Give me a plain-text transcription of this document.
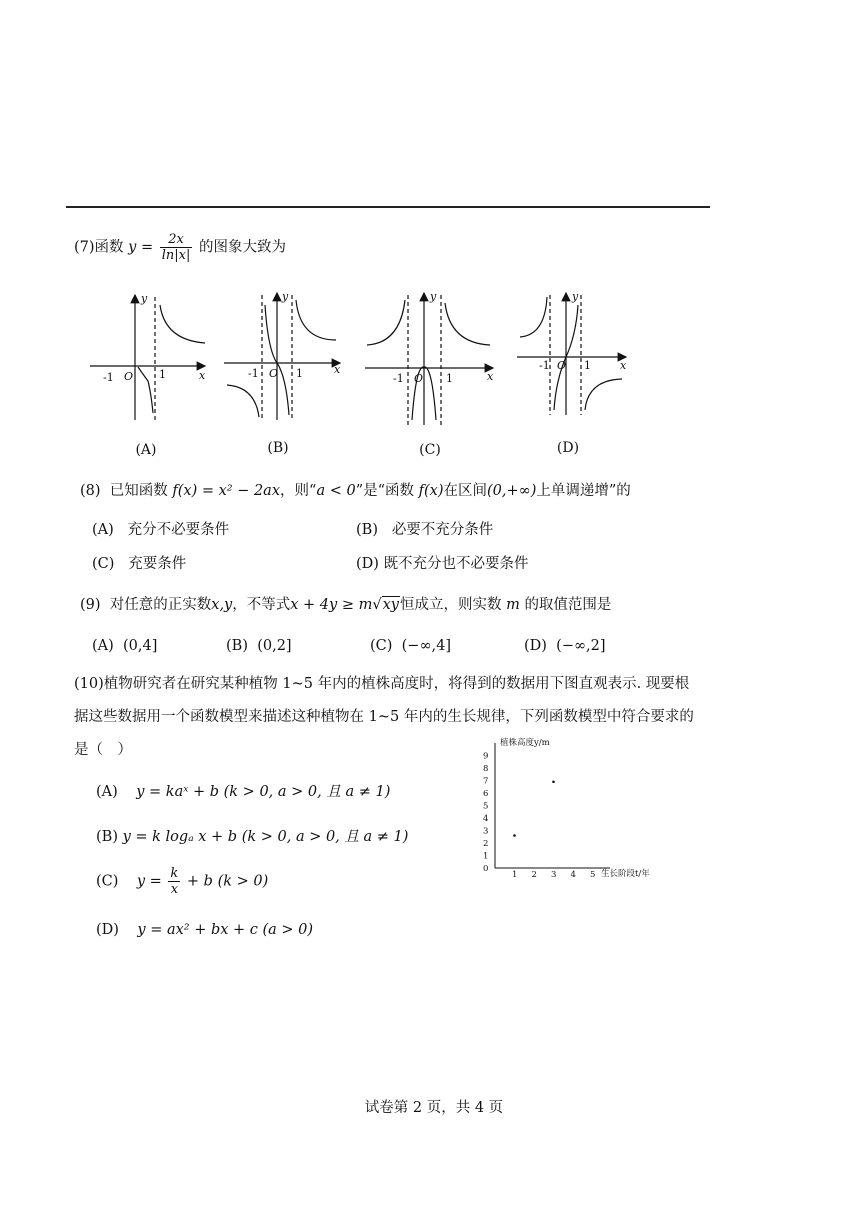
(7)函数 $y = \frac{2x}{\ln|x|}$ 的图象大致为
-1 O 1	x
y
-1 O 1	x
y
-1 O 1	x
y
-1 O 1	x
y
(A)	(B)	(C)	(D)
(8) 已知函数 f(x) = x² − 2ax，则“a < 0”是“函数 f(x)在区间(0,+∞)上单调递增”的
(A) 充分不必要条件	(B) 必要不充分条件
(C) 充要条件	(D) 既不充分也不必要条件
(9) 对任意的正实数x,y，不等式x + 4y ≥ m√xy恒成立，则实数 m 的取值范围是
(A) (0,4]	(B) (0,2]	(C) (−∞,4]	(D) (−∞,2]
(10)植物研究者在研究某种植物 1~5 年内的植株高度时，将得到的数据用下图直观表示. 现要根
据这些数据用一个函数模型来描述这种植物在 1~5 年内的生长规律，下列函数模型中符合要求的
是（　）
(A) y = kaˣ + b (k > 0, a > 0, 且 a ≠ 1)
(B) y = k logₐ x + b (k > 0, a > 0, 且 a ≠ 1)
(C) $y = \frac{k}{x} + b$ (k > 0)
(D) y = ax² + bx + c (a > 0)
植株高度y/m
生长阶段t/年
0
1
2
3
4
5
6
7
8
9
1 2 3 4 5
试卷第 2 页，共 4 页
